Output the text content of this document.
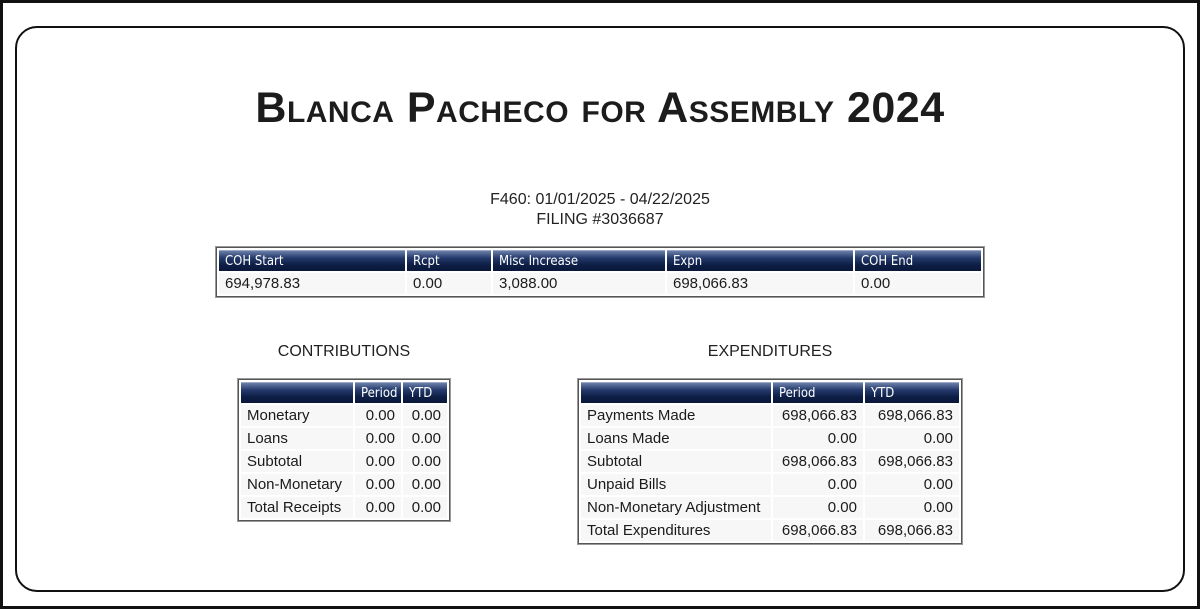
Blanca Pacheco for Assembly 2024
F460: 01/01/2025 - 04/22/2025
FILING #3036687
COH Start	Rcpt	Misc Increase	Expn	COH End
694,978.83	0.00	3,088.00	698,066.83	0.00
CONTRIBUTIONS
	Period	YTD
Monetary	0.00	0.00
Loans	0.00	0.00
Subtotal	0.00	0.00
Non-Monetary	0.00	0.00
Total Receipts	0.00	0.00
EXPENDITURES
	Period	YTD
Payments Made	698,066.83	698,066.83
Loans Made	0.00	0.00
Subtotal	698,066.83	698,066.83
Unpaid Bills	0.00	0.00
Non-Monetary Adjustment	0.00	0.00
Total Expenditures	698,066.83	698,066.83
